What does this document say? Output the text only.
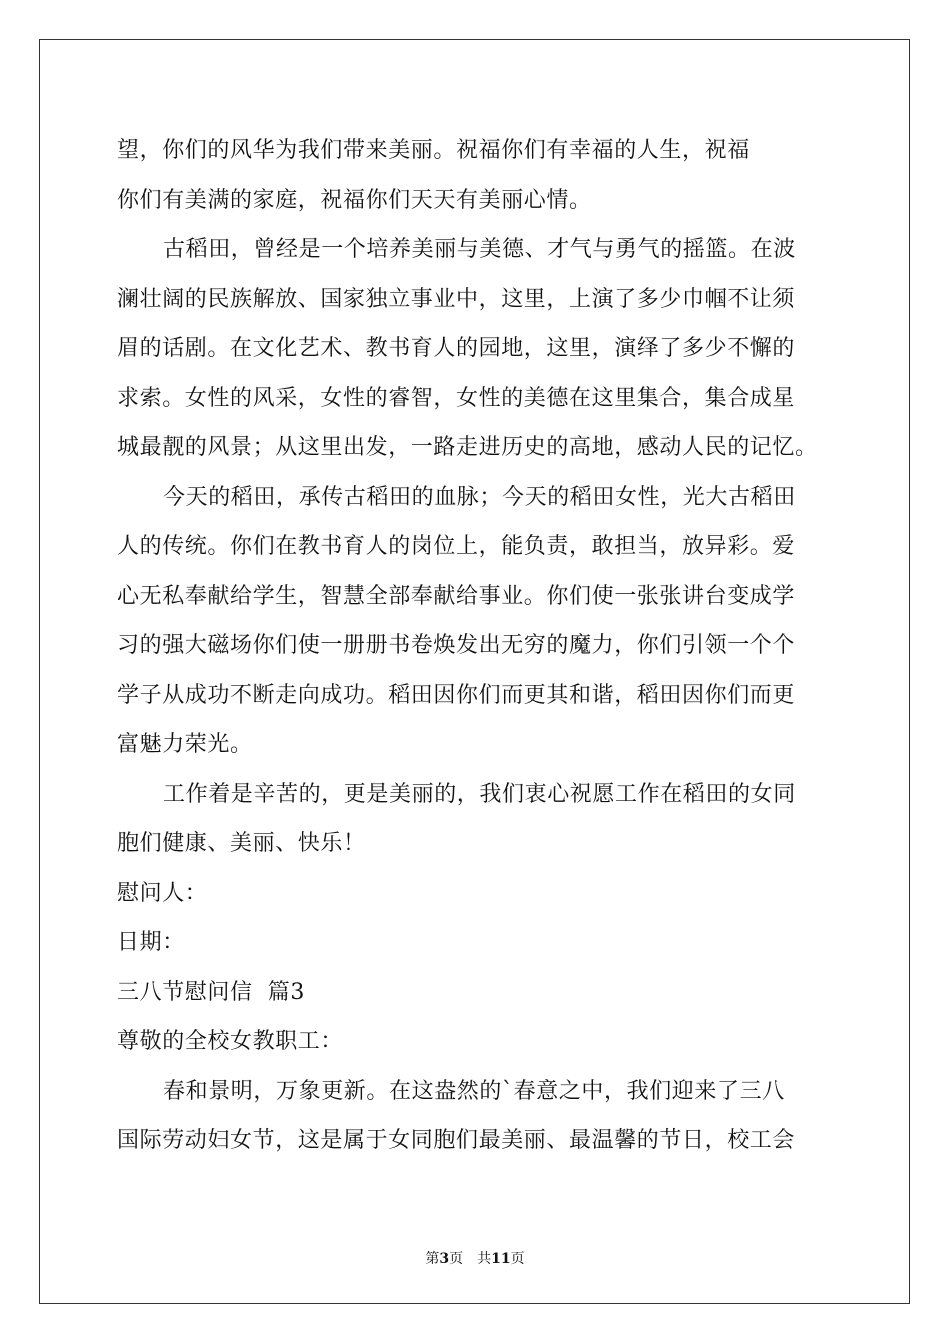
望，你们的风华为我们带来美丽。祝福你们有幸福的人生，祝福
你们有美满的家庭，祝福你们天天有美丽心情。
古稻田，曾经是一个培养美丽与美德、才气与勇气的摇篮。在波
澜壮阔的民族解放、国家独立事业中，这里，上演了多少巾帼不让须
眉的话剧。在文化艺术、教书育人的园地，这里，演绎了多少不懈的
求索。女性的风采，女性的睿智，女性的美德在这里集合，集合成星
城最靓的风景；从这里出发，一路走进历史的高地，感动人民的记忆。
今天的稻田，承传古稻田的血脉；今天的稻田女性，光大古稻田
人的传统。你们在教书育人的岗位上，能负责，敢担当，放异彩。爱
心无私奉献给学生，智慧全部奉献给事业。你们使一张张讲台变成学
习的强大磁场你们使一册册书卷焕发出无穷的魔力，你们引领一个个
学子从成功不断走向成功。稻田因你们而更其和谐，稻田因你们而更
富魅力荣光。
工作着是辛苦的，更是美丽的，我们衷心祝愿工作在稻田的女同
胞们健康、美丽、快乐！
慰问人：
日期：
三八节慰问信  篇3
尊敬的全校女教职工：
春和景明，万象更新。在这盎然的`春意之中，我们迎来了三八
国际劳动妇女节，这是属于女同胞们最美丽、最温馨的节日，校工会
第3页 共11页
